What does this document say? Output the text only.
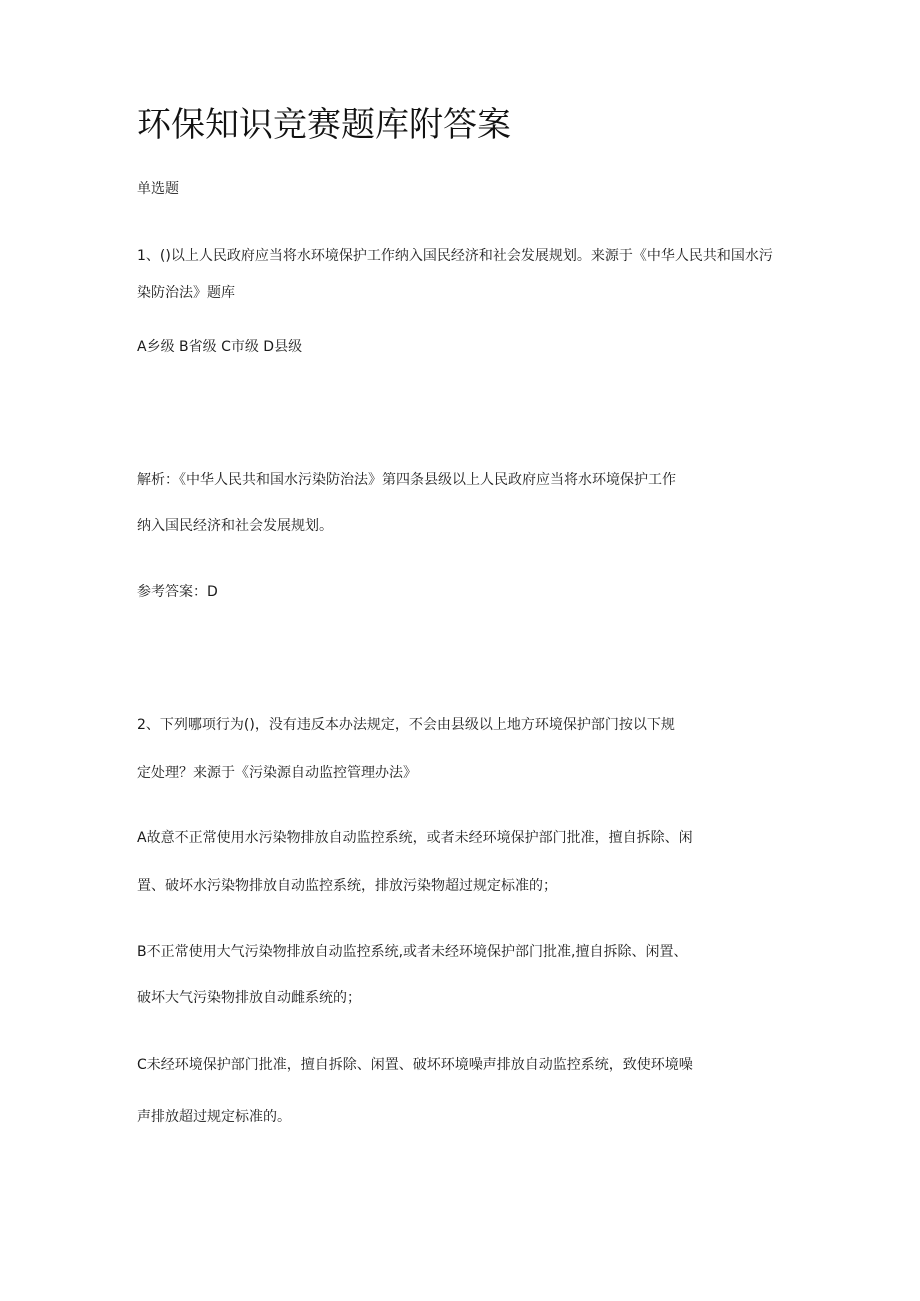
环保知识竞赛题库附答案
单选题
1、()以上人民政府应当将水环境保护工作纳入国民经济和社会发展规划。来源于《中华人民共和国水污
染防治法》题库
A乡级 B省级 C市级 D县级
解析：《中华人民共和国水污染防治法》第四条县级以上人民政府应当将水环境保护工作
纳入国民经济和社会发展规划。
参考答案：D
2、下列哪项行为()，没有违反本办法规定，不会由县级以上地方环境保护部门按以下规
定处理？来源于《污染源自动监控管理办法》
A故意不正常使用水污染物排放自动监控系统，或者未经环境保护部门批准，擅自拆除、闲
置、破坏水污染物排放自动监控系统，排放污染物超过规定标准的；
B不正常使用大气污染物排放自动监控系统,或者未经环境保护部门批准,擅自拆除、闲置、
破坏大气污染物排放自动雌系统的；
C未经环境保护部门批准，擅自拆除、闲置、破坏环境噪声排放自动监控系统，致使环境噪
声排放超过规定标准的。
